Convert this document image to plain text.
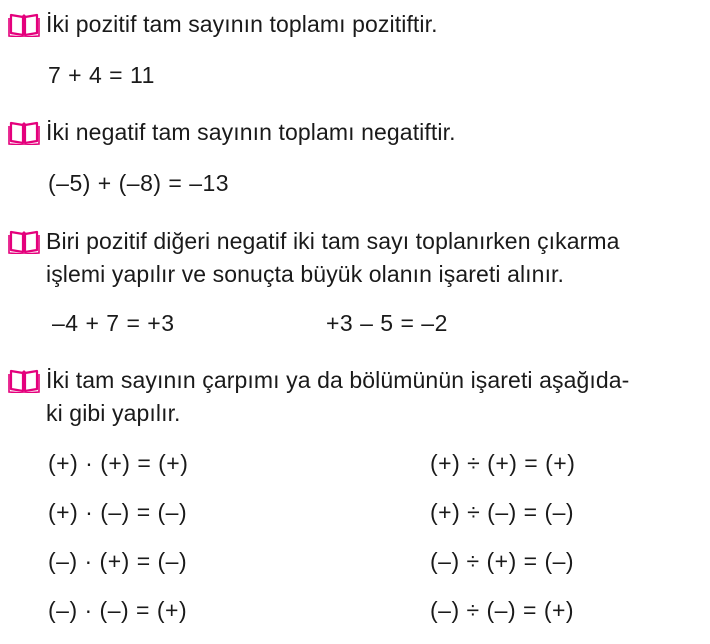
İki pozitif tam sayının toplamı pozitiftir.
7 + 4 = 11
İki negatif tam sayının toplamı negatiftir.
(–5) + (–8) = –13
Biri pozitif diğeri negatif iki tam sayı toplanırken çıkarma
işlemi yapılır ve sonuçta büyük olanın işareti alınır.
–4 + 7 = +3	+3 – 5 = –2
İki tam sayının çarpımı ya da bölümünün işareti aşağıda-
ki gibi yapılır.
(+) · (+) = (+)
(+) · (–) = (–)
(–) · (+) = (–)
(–) · (–) = (+)
(+) ÷ (+) = (+)
(+) ÷ (–) = (–)
(–) ÷ (+) = (–)
(–) ÷ (–) = (+)
